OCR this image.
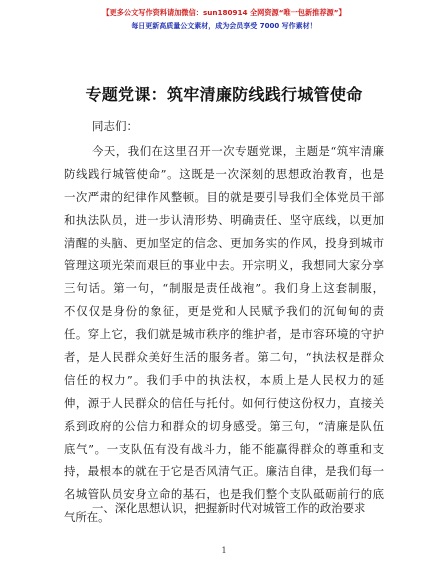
【更多公文写作资料请加微信：sun180914 全网资源“唯一包新推荐源”】
每日更新高质量公文素材，成为会员享受 7000 写作素材！
专题党课：筑牢清廉防线践行城管使命
同志们：
今天，我们在这里召开一次专题党课，主题是“筑牢清廉
防线践行城管使命”。这既是一次深刻的思想政治教育，也是
一次严肃的纪律作风整顿。目的就是要引导我们全体党员干部
和执法队员，进一步认清形势、明确责任、坚守底线，以更加
清醒的头脑、更加坚定的信念、更加务实的作风，投身到城市
管理这项光荣而艰巨的事业中去。开宗明义，我想同大家分享
三句话。第一句，“制服是责任战袍”。我们身上这套制服，
不仅仅是身份的象征，更是党和人民赋予我们的沉甸甸的责
任。穿上它，我们就是城市秩序的维护者，是市容环境的守护
者，是人民群众美好生活的服务者。第二句，“执法权是群众
信任的权力”。我们手中的执法权，本质上是人民权力的延
伸，源于人民群众的信任与托付。如何行使这份权力，直接关
系到政府的公信力和群众的切身感受。第三句，“清廉是队伍
底气”。一支队伍有没有战斗力，能不能赢得群众的尊重和支
持，最根本的就在于它是否风清气正。廉洁自律，是我们每一
名城管队员安身立命的基石，也是我们整个支队砥砺前行的底
气所在。
一、深化思想认识，把握新时代对城管工作的政治要求
1
